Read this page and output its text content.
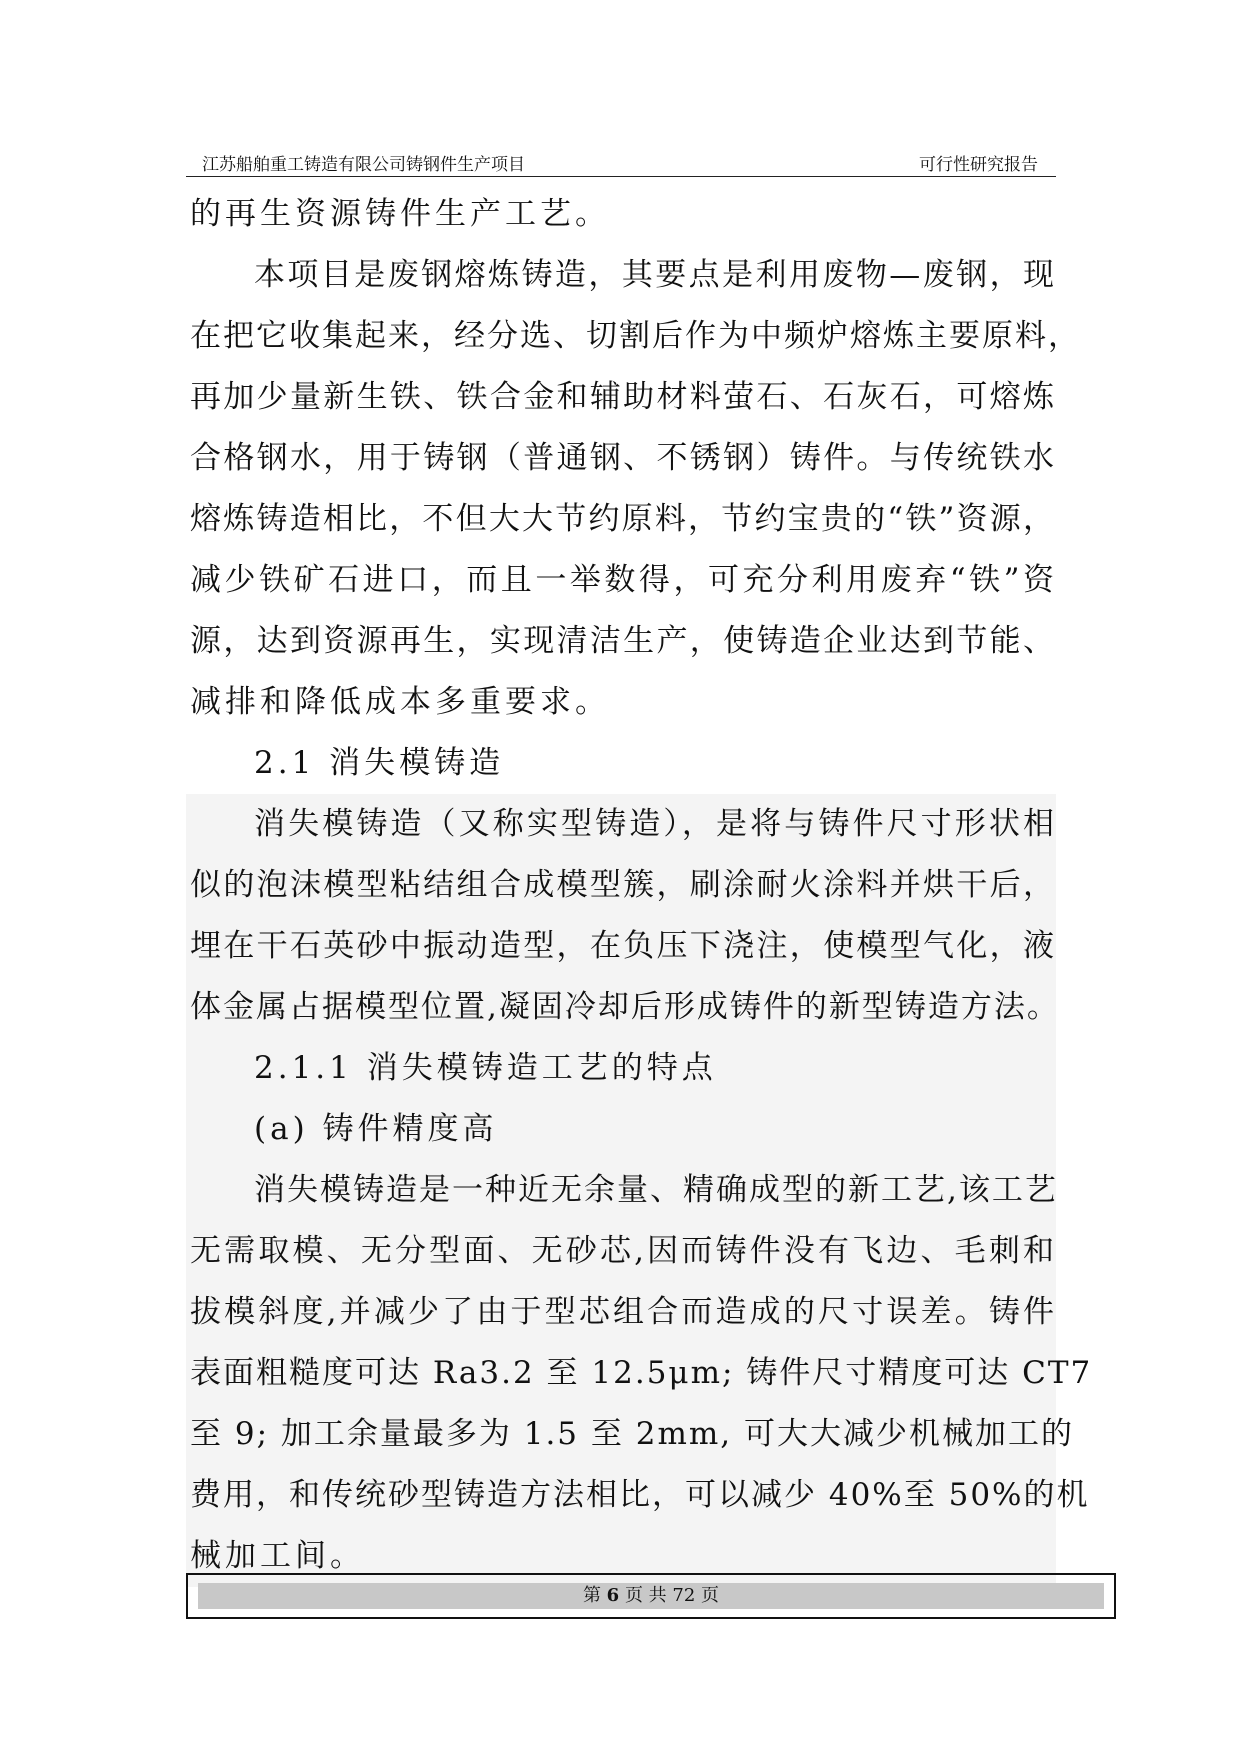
江苏船舶重工铸造有限公司铸钢件生产项目	可行性研究报告
的再生资源铸件生产工艺。
本项目是废钢熔炼铸造，其要点是利用废物—废钢，现
在把它收集起来，经分选、切割后作为中频炉熔炼主要原料，
再加少量新生铁、铁合金和辅助材料萤石、石灰石，可熔炼
合格钢水，用于铸钢（普通钢、不锈钢）铸件。与传统铁水
熔炼铸造相比，不但大大节约原料，节约宝贵的“铁”资源，
减少铁矿石进口，而且一举数得，可充分利用废弃“铁”资
源，达到资源再生，实现清洁生产，使铸造企业达到节能、
减排和降低成本多重要求。
2.1 消失模铸造
消失模铸造（又称实型铸造），是将与铸件尺寸形状相
似的泡沫模型粘结组合成模型簇，刷涂耐火涂料并烘干后，
埋在干石英砂中振动造型，在负压下浇注，使模型气化，液
体金属占据模型位置,凝固冷却后形成铸件的新型铸造方法。
2.1.1 消失模铸造工艺的特点
(a) 铸件精度高
消失模铸造是一种近无余量、精确成型的新工艺,该工艺
无需取模、无分型面、无砂芯,因而铸件没有飞边、毛刺和
拔模斜度,并减少了由于型芯组合而造成的尺寸误差。铸件
表面粗糙度可达 Ra3.2 至 12.5μm; 铸件尺寸精度可达 CT7
至 9; 加工余量最多为 1.5 至 2mm, 可大大减少机械加工的
费用，和传统砂型铸造方法相比，可以减少 40%至 50%的机
械加工间。
第 6 页 共 72 页
